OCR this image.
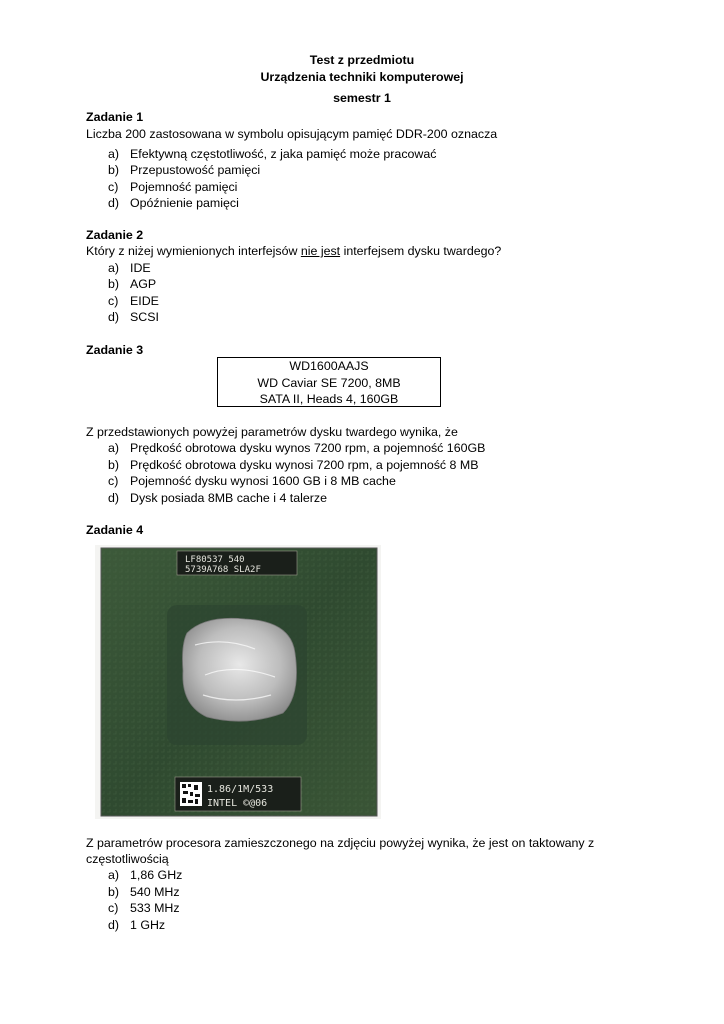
Test z przedmiotu
Urządzenia techniki komputerowej
semestr 1
Zadanie 1
Liczba 200 zastosowana w symbolu opisującym pamięć DDR-200 oznacza
a) Efektywną częstotliwość, z jaka pamięć może pracować
b) Przepustowość pamięci
c) Pojemność pamięci
d) Opóźnienie pamięci
Zadanie 2
Który z niżej wymienionych interfejsów nie jest interfejsem dysku twardego?
a) IDE
b) AGP
c) EIDE
d) SCSI
Zadanie 3
WD1600AAJS
WD Caviar SE 7200, 8MB
SATA II, Heads 4, 160GB
Z przedstawionych powyżej parametrów dysku twardego wynika, że
a) Prędkość obrotowa dysku wynos 7200 rpm, a pojemność 160GB
b) Prędkość obrotowa dysku wynosi 7200 rpm, a pojemność 8 MB
c) Pojemność dysku wynosi 1600 GB i 8 MB cache
d) Dysk posiada 8MB cache i 4 talerze
Zadanie 4
LF80537 540
5739A768 SLA2F
1.86/1M/533
INTEL ©@06
Z parametrów procesora zamieszczonego na zdjęciu powyżej wynika, że jest on taktowany z
częstotliwością
a) 1,86 GHz
b) 540 MHz
c) 533 MHz
d) 1 GHz
